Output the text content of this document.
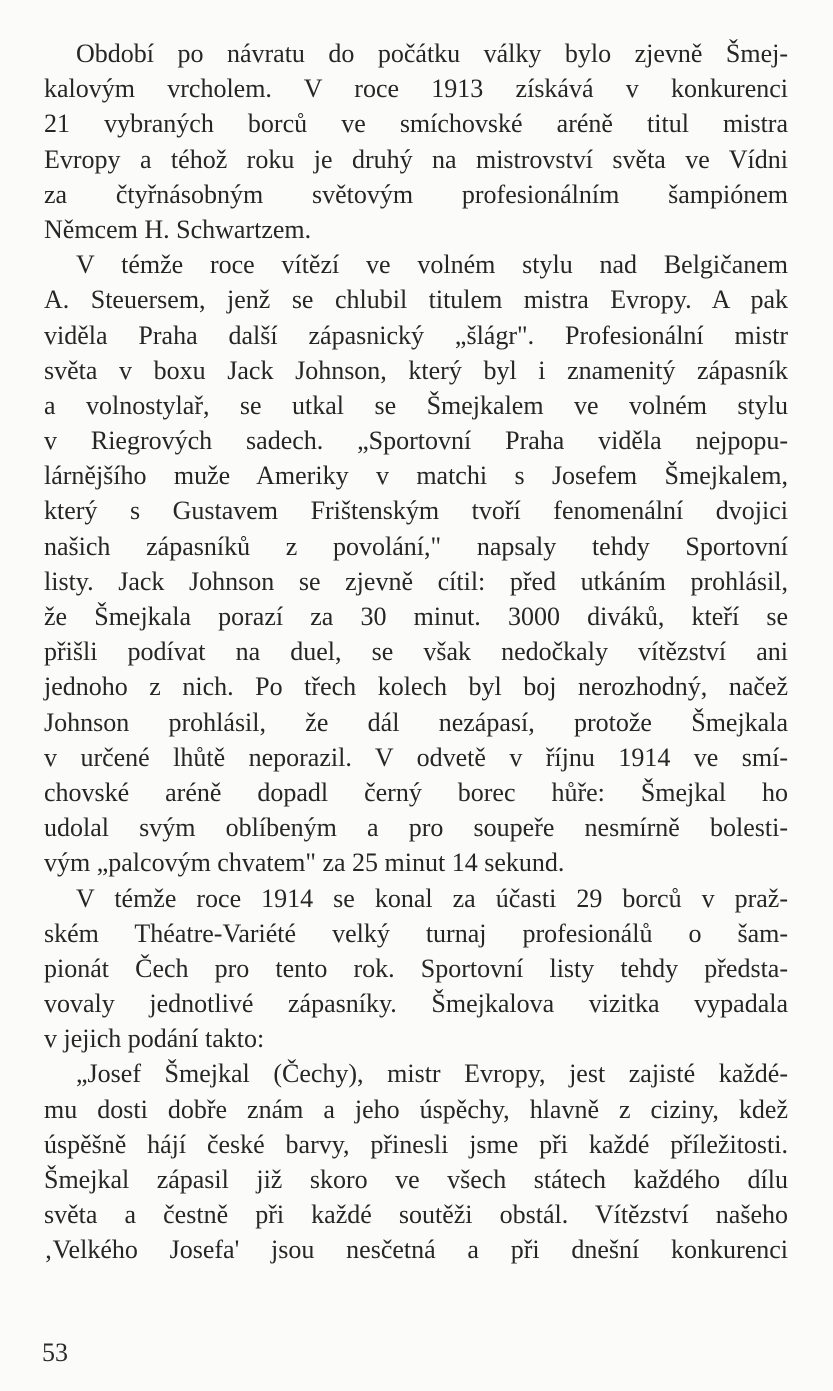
Období po návratu do počátku války bylo zjevně Šmej-
kalovým vrcholem. V roce 1913 získává v konkurenci
21 vybraných borců ve smíchovské aréně titul mistra
Evropy a téhož roku je druhý na mistrovství světa ve Vídni
za čtyřnásobným světovým profesionálním šampiónem
Němcem H. Schwartzem.
V témže roce vítězí ve volném stylu nad Belgičanem
A. Steuersem, jenž se chlubil titulem mistra Evropy. A pak
viděla Praha další zápasnický „šlágr". Profesionální mistr
světa v boxu Jack Johnson, který byl i znamenitý zápasník
a volnostylař, se utkal se Šmejkalem ve volném stylu
v Riegrových sadech. „Sportovní Praha viděla nejpopu-
lárnějšího muže Ameriky v matchi s Josefem Šmejkalem,
který s Gustavem Frištenským tvoří fenomenální dvojici
našich zápasníků z povolání," napsaly tehdy Sportovní
listy. Jack Johnson se zjevně cítil: před utkáním prohlásil,
že Šmejkala porazí za 30 minut. 3000 diváků, kteří se
přišli podívat na duel, se však nedočkaly vítězství ani
jednoho z nich. Po třech kolech byl boj nerozhodný, načež
Johnson prohlásil, že dál nezápasí, protože Šmejkala
v určené lhůtě neporazil. V odvetě v říjnu 1914 ve smí-
chovské aréně dopadl černý borec hůře: Šmejkal ho
udolal svým oblíbeným a pro soupeře nesmírně bolesti-
vým „palcovým chvatem" za 25 minut 14 sekund.
V témže roce 1914 se konal za účasti 29 borců v praž-
ském Théatre-Variété velký turnaj profesionálů o šam-
pionát Čech pro tento rok. Sportovní listy tehdy předsta-
vovaly jednotlivé zápasníky. Šmejkalova vizitka vypadala
v jejich podání takto:
„Josef Šmejkal (Čechy), mistr Evropy, jest zajisté každé-
mu dosti dobře znám a jeho úspěchy, hlavně z ciziny, kdež
úspěšně hájí české barvy, přinesli jsme při každé příležitosti.
Šmejkal zápasil již skoro ve všech státech každého dílu
světa a čestně při každé soutěži obstál. Vítězství našeho
‚Velkého Josefa' jsou nesčetná a při dnešní konkurenci
53
